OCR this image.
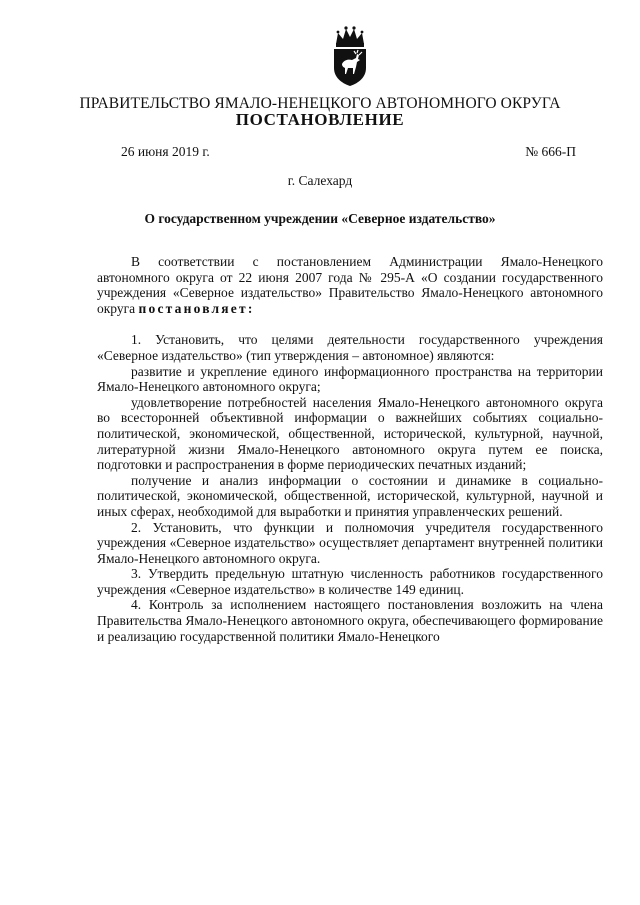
ПРАВИТЕЛЬСТВО ЯМАЛО-НЕНЕЦКОГО АВТОНОМНОГО ОКРУГА
ПОСТАНОВЛЕНИЕ
26 июня 2019 г.	№ 666-П
г. Салехард
О государственном учреждении «Северное издательство»

В соответствии с постановлением Администрации Ямало-Ненецкого автономного округа от 22 июня 2007 года № 295-А «О создании государственного учреждения «Северное издательство» Правительство Ямало-Ненецкого автономного округа постановляет:

1. Установить, что целями деятельности государственного учреждения «Северное издательство» (тип утверждения – автономное) являются:

развитие и укрепление единого информационного пространства на территории Ямало-Ненецкого автономного округа;

удовлетворение потребностей населения Ямало-Ненецкого автономного округа во всесторонней объективной информации о важнейших событиях социально-политической, экономической, общественной, исторической, культурной, научной, литературной жизни Ямало-Ненецкого автономного округа путем ее поиска, подготовки и распространения в форме периодических печатных изданий;

получение и анализ информации о состоянии и динамике в социально-политической, экономической, общественной, исторической, культурной, научной и иных сферах, необходимой для выработки и принятия управленческих решений.

2. Установить, что функции и полномочия учредителя государственного учреждения «Северное издательство» осуществляет департамент внутренней политики Ямало-Ненецкого автономного округа.

3. Утвердить предельную штатную численность работников государственного учреждения «Северное издательство» в количестве 149 единиц.

4. Контроль за исполнением настоящего постановления возложить на члена Правительства Ямало-Ненецкого автономного округа, обеспечивающего формирование и реализацию государственной политики Ямало-Ненецкого
